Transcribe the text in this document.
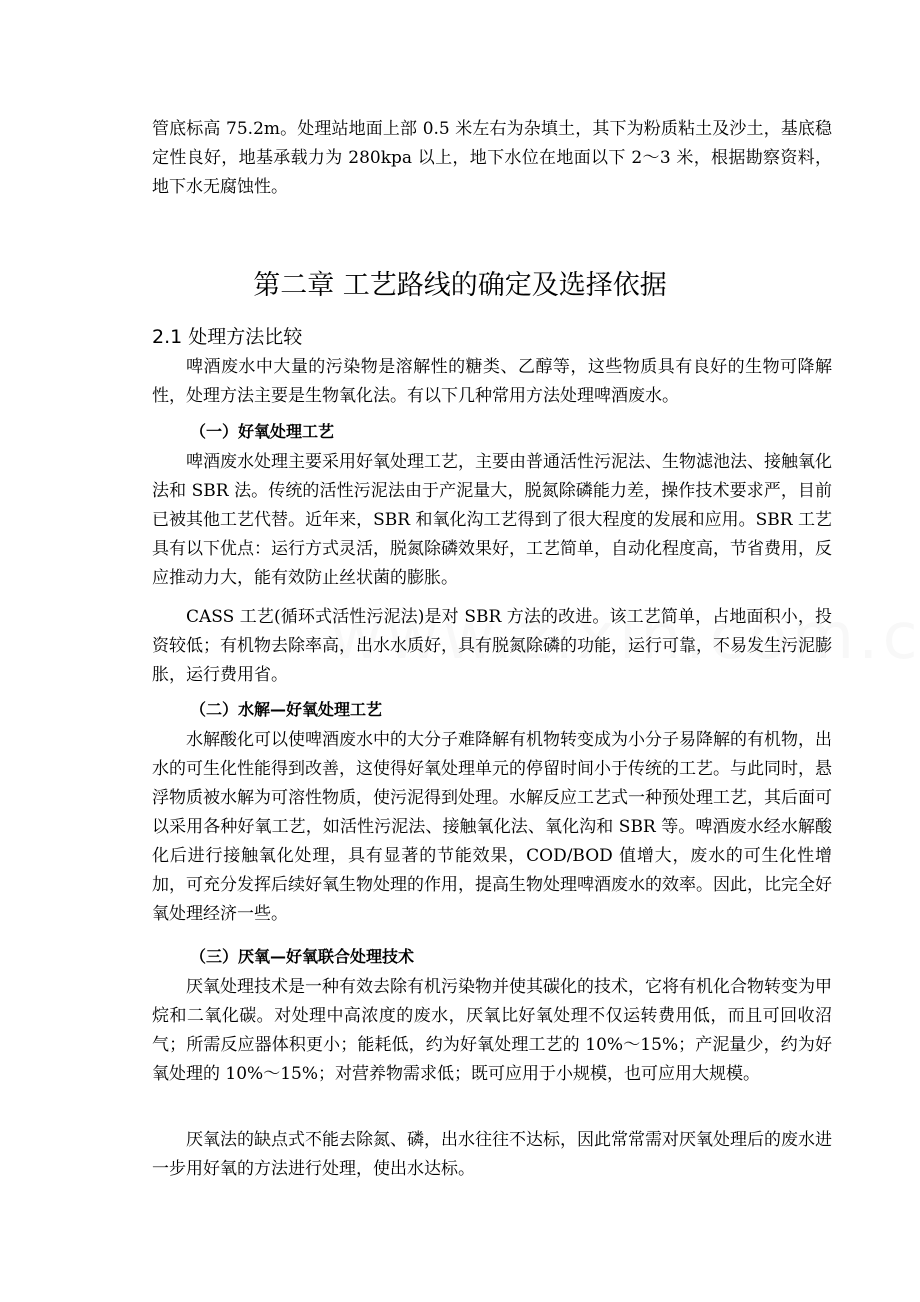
管底标高 75.2m。处理站地面上部 0.5 米左右为杂填土，其下为粉质粘土及沙土，基底稳定性良好，地基承载力为 280kpa 以上，地下水位在地面以下 2～3 米，根据勘察资料，地下水无腐蚀性。

第二章 工艺路线的确定及选择依据
2.1 处理方法比较

啤酒废水中大量的污染物是溶解性的糖类、乙醇等，这些物质具有良好的生物可降解性，处理方法主要是生物氧化法。有以下几种常用方法处理啤酒废水。

（一）好氧处理工艺

啤酒废水处理主要采用好氧处理工艺，主要由普通活性污泥法、生物滤池法、接触氧化法和 SBR 法。传统的活性污泥法由于产泥量大，脱氮除磷能力差，操作技术要求严，目前已被其他工艺代替。近年来，SBR 和氧化沟工艺得到了很大程度的发展和应用。SBR 工艺具有以下优点：运行方式灵活，脱氮除磷效果好，工艺简单，自动化程度高，节省费用，反应推动力大，能有效防止丝状菌的膨胀。

CASS 工艺(循环式活性污泥法)是对 SBR 方法的改进。该工艺简单，占地面积小，投资较低；有机物去除率高，出水水质好，具有脱氮除磷的功能，运行可靠，不易发生污泥膨胀，运行费用省。

（二）水解—好氧处理工艺

水解酸化可以使啤酒废水中的大分子难降解有机物转变成为小分子易降解的有机物，出水的可生化性能得到改善，这使得好氧处理单元的停留时间小于传统的工艺。与此同时，悬浮物质被水解为可溶性物质，使污泥得到处理。水解反应工艺式一种预处理工艺，其后面可以采用各种好氧工艺，如活性污泥法、接触氧化法、氧化沟和 SBR 等。啤酒废水经水解酸化后进行接触氧化处理，具有显著的节能效果，COD/BOD 值增大，废水的可生化性增加，可充分发挥后续好氧生物处理的作用，提高生物处理啤酒废水的效率。因此，比完全好氧处理经济一些。

（三）厌氧—好氧联合处理技术

厌氧处理技术是一种有效去除有机污染物并使其碳化的技术，它将有机化合物转变为甲烷和二氧化碳。对处理中高浓度的废水，厌氧比好氧处理不仅运转费用低，而且可回收沼气；所需反应器体积更小；能耗低，约为好氧处理工艺的 10%～15%；产泥量少，约为好氧处理的 10%～15%；对营养物需求低；既可应用于小规模，也可应用大规模。

厌氧法的缺点式不能去除氮、磷，出水往往不达标，因此常常需对厌氧处理后的废水进一步用好氧的方法进行处理，使出水达标。
